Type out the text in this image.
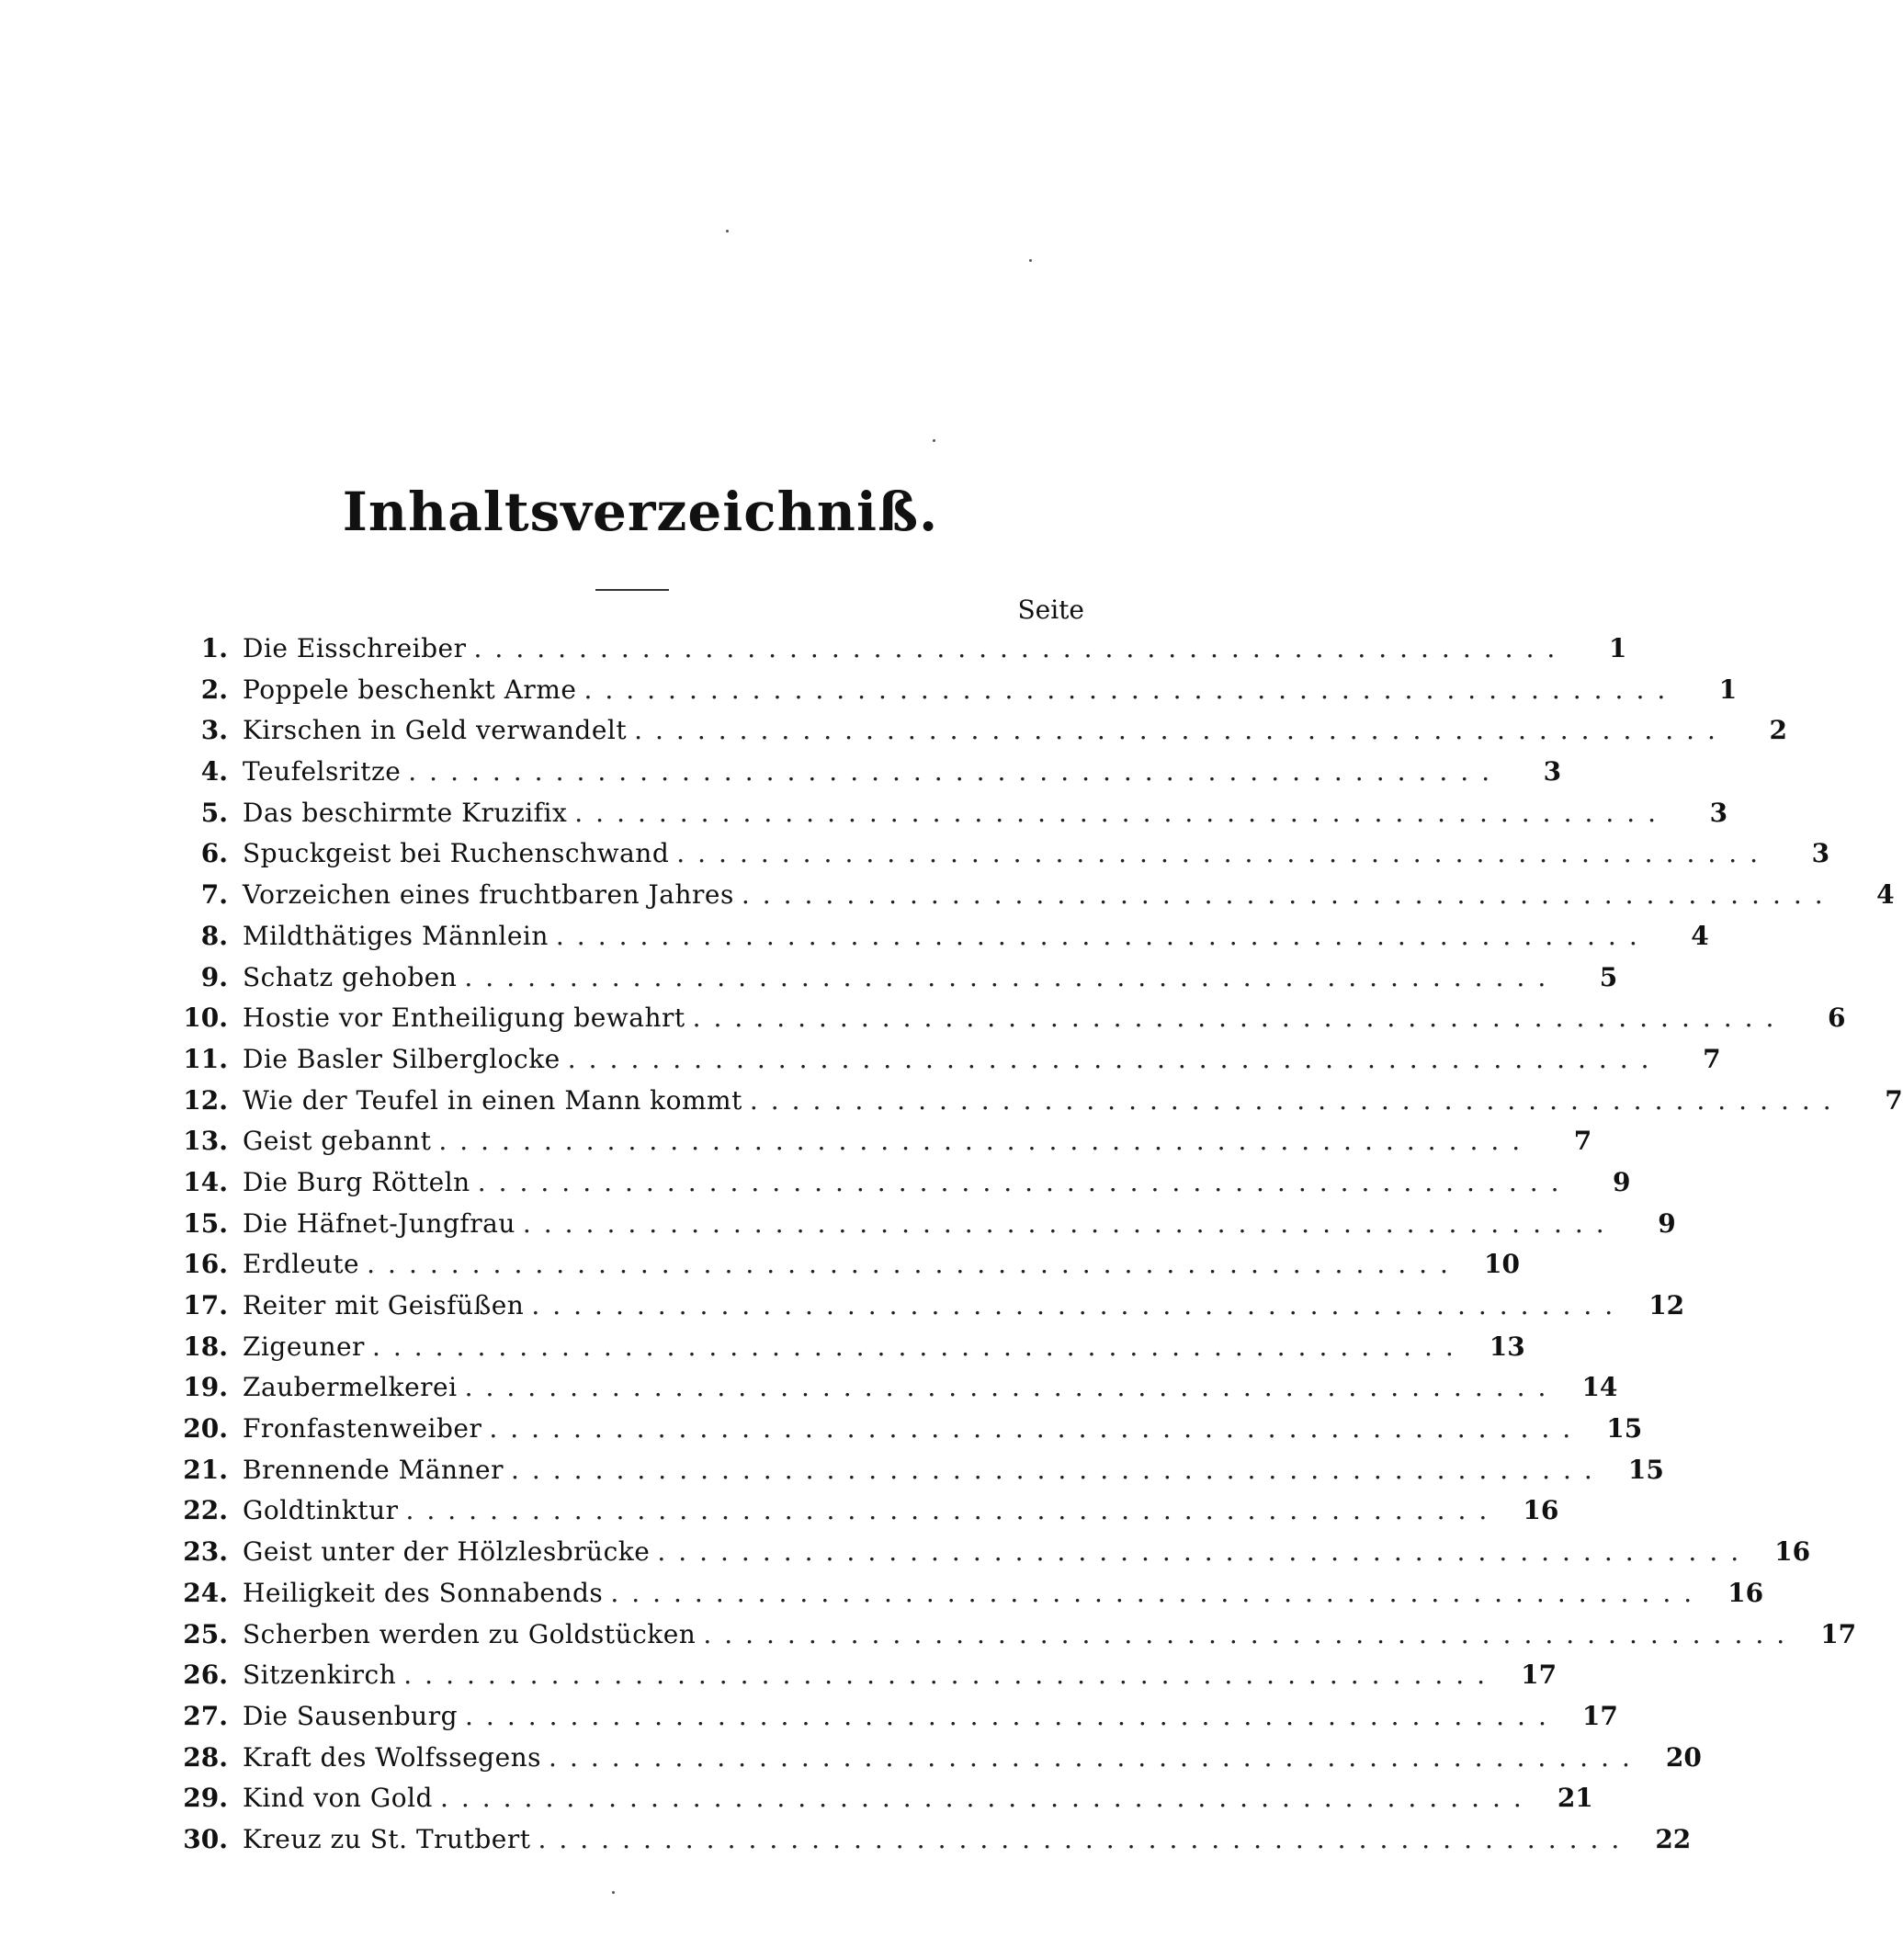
Inhaltsverzeichniß.
Seite
1. Die Eisschreiber ....................................................	1
2. Poppele beschenkt Arme ....................................................	1
3. Kirschen in Geld verwandelt ....................................................	2
4. Teufelsritze ....................................................	3
5. Das beschirmte Kruzifix ....................................................	3
6. Spuckgeist bei Ruchenschwand ....................................................	3
7. Vorzeichen eines fruchtbaren Jahres ....................................................	4
8. Mildthätiges Männlein ....................................................	4
9. Schatz gehoben ....................................................	5
10. Hostie vor Entheiligung bewahrt ....................................................	6
11. Die Basler Silberglocke ....................................................	7
12. Wie der Teufel in einen Mann kommt ....................................................	7
13. Geist gebannt ....................................................	7
14. Die Burg Rötteln ....................................................	9
15. Die Häfnet-Jungfrau ....................................................	9
16. Erdleute .................................................... 10
17. Reiter mit Geisfüßen .................................................... 12
18. Zigeuner .................................................... 13
19. Zaubermelkerei .................................................... 14
20. Fronfastenweiber .................................................... 15
21. Brennende Männer .................................................... 15
22. Goldtinktur .................................................... 16
23. Geist unter der Hölzlesbrücke .................................................... 16
24. Heiligkeit des Sonnabends .................................................... 16
25. Scherben werden zu Goldstücken .................................................... 17
26. Sitzenkirch .................................................... 17
27. Die Sausenburg .................................................... 17
28. Kraft des Wolfssegens .................................................... 20
29. Kind von Gold .................................................... 21
30. Kreuz zu St. Trutbert .................................................... 22
